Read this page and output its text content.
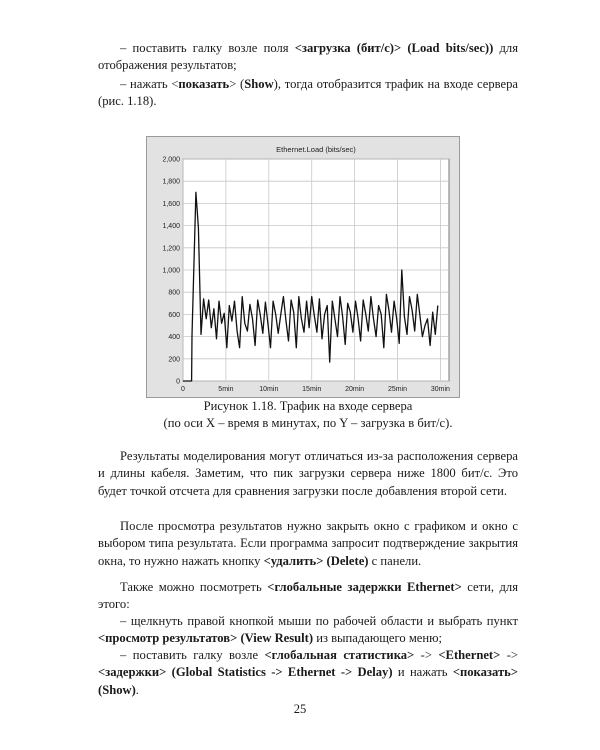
– поставить галку возле поля <загрузка (бит/с)> (Load bits/sec)) для отображения результатов;
– нажать <показать> (Show), тогда отобразится трафик на входе сервера (рис. 1.18).
0
200
400
600
800
1,000
1,200
1,400
1,600
1,800
2,000
0	5min	10min	15min	20min	25min	30min
Ethernet.Load (bits/sec)
Рисунок 1.18. Трафик на входе сервера
(по оси X – время в минутах, по Y – загрузка в бит/с).
Результаты моделирования могут отличаться из-за расположения сервера и длины кабеля. Заметим, что пик загрузки сервера ниже 1800 бит/с. Это будет точкой отсчета для сравнения загрузки после добавления второй сети.
После просмотра результатов нужно закрыть окно с графиком и окно с выбором типа результата. Если программа запросит подтверждение закрытия окна, то нужно нажать кнопку <удалить> (Delete) с панели.
Также можно посмотреть <глобальные задержки Ethernet> сети, для этого:
– щелкнуть правой кнопкой мыши по рабочей области и выбрать пункт <просмотр результатов> (View Result) из выпадающего меню;
– поставить галку возле <глобальная статистика> -> <Ethernet> -> <задержки> (Global Statistics -> Ethernet -> Delay) и нажать <показать> (Show).
25
